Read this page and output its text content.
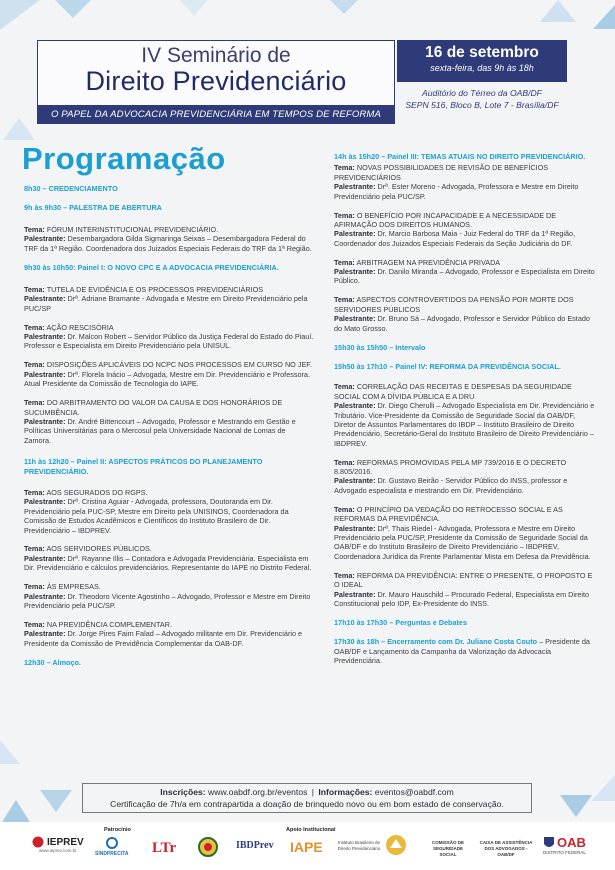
IV Seminário de
Direito Previdenciário
O PAPEL DA ADVOCACIA PREVIDENCIÁRIA EM TEMPOS DE REFORMA
16 de setembro
sexta-feira, das 9h às 18h
Auditório do Térreo da OAB/DF
SEPN 516, Bloco B, Lote 7 - Brasília/DF
Programação
8h30 – CREDENCIAMENTO
9h às 9h30 – PALESTRA DE ABERTURA
Tema: FÓRUM INTERINSTITUCIONAL PREVIDENCIÁRIO.
Palestrante: Desembargadora Gilda Sigmaringa Seixas – Desembargadora Federal do TRF da 1ª Região. Coordenadora dos Juizados Especiais Federais do TRF da 1ª Região.
9h30 às 10h50: Painel I: O NOVO CPC E A ADVOCACIA PREVIDENCIÁRIA.
Tema: TUTELA DE EVIDÊNCIA E OS PROCESSOS PREVIDENCIÁRIOS
Palestrante: Drª. Adriane Bramante - Advogada e Mestre em Direito Previdenciário pela PUC/SP
Tema: AÇÃO RESCISÓRIA
Palestrante: Dr. Malcon Robert – Servidor Público da Justiça Federal do Estado do Piauí. Professor e Especialista em Direito Previdenciário pela UNISUL.
Tema: DISPOSIÇÕES APLICÁVEIS DO NCPC NOS PROCESSOS EM CURSO NO JEF.
Palestrante: Drª. Florela Inácio – Advogada, Mestre em Dir. Previdenciário e Professora. Atual Presidente da Comissão de Tecnologia do IAPE.
Tema: DO ARBITRAMENTO DO VALOR DA CAUSA E DOS HONORÁRIOS DE SUCUMBÊNCIA.
Palestrante: Dr. André Bittencourt – Advogado, Professor e Mestrando em Gestão e Políticas Universitárias para o Mercosul pela Universidade Nacional de Lomas de Zamora.
11h às 12h20 – Painel II: ASPECTOS PRÁTICOS DO PLANEJAMENTO PREVIDENCIÁRIO.
Tema: AOS SEGURADOS DO RGPS.
Palestrante: Drª. Cristina Aguiar - Advogada, professora, Doutoranda em Dir. Previdenciário pela PUC-SP, Mestre em Direito pela UNISINOS, Coordenadora da Comissão de Estudos Acadêmicos e Científicos do Instituto Brasileiro de Dir. Previdenciário – IBDPREV.
Tema: AOS SERVIDORES PÚBLICOS.
Palestrante: Drª. Rayanne Illis – Contadora e Advogada Previdenciária. Especialista em Dir. Previdenciário e cálculos previdenciários. Representante do IAPE no Distrito Federal.
Tema: ÀS EMPRESAS.
Palestrante: Dr. Theodoro Vicente Agostinho – Advogado, Professor e Mestre em Direito Previdenciário pela PUC/SP.
Tema: NA PREVIDÊNCIA COMPLEMENTAR.
Palestrante: Dr. Jorge Pires Faim Falad – Advogado militante em Dir. Previdenciário e Presidente da Comissão de Previdência Complementar da OAB-DF.
12h30 – Almoço.
14h às 15h20 – Painel III: TEMAS ATUAIS NO DIREITO PREVIDENCIÁRIO.
Tema: NOVAS POSSIBILIDADES DE REVISÃO DE BENEFÍCIOS PREVIDENCIÁRIOS
Palestrante: Drª. Ester Moreno - Advogada, Professora e Mestre em Direito Previdenciário pela PUC/SP.
Tema: O BENEFÍCIO POR INCAPACIDADE E A NECESSIDADE DE AFIRMAÇÃO DOS DIREITOS HUMANOS.
Palestrante: Dr. Marcio Barbosa Maia - Juiz Federal do TRF da 1ª Região, Coordenador dos Juizados Especiais Federais da Seção Judiciária do DF.
Tema: ARBITRAGEM NA PREVIDÊNCIA PRIVADA
Palestrante: Dr. Danilo Miranda – Advogado, Professor e Especialista em Direito Público.
Tema: ASPECTOS CONTROVERTIDOS DA PENSÃO POR MORTE DOS SERVIDORES PÚBLICOS
Palestrante: Dr. Bruno Sá – Advogado, Professor e Servidor Público do Estado do Mato Grosso.
15h30 às 15h50 – Intervalo
15h50 às 17h10 – Painel IV: REFORMA DA PREVIDÊNCIA SOCIAL.
Tema: CORRELAÇÃO DAS RECEITAS E DESPESAS DA SEGURIDADE SOCIAL COM A DÍVIDA PÚBLICA E A DRU
Palestrante: Dr. Diego Cherulli – Advogado Especialista em Dir. Previdenciário e Tributário. Vice-Presidente da Comissão de Seguridade Social da OAB/DF, Diretor de Assuntos Parlamentares do IBDP – Instituto Brasileiro de Direito Previdenciário, Secretário-Geral do Instituto Brasileiro de Direito Previdenciário – IBDPREV.
Tema: REFORMAS PROMOVIDAS PELA MP 739/2016 E O DECRETO 8.805/2016.
Palestrante: Dr. Gustavo Beirão - Servidor Público do INSS, professor e Advogado especialista e mestrando em Dir. Previdenciário.
Tema: O PRINCÍPIO DA VEDAÇÃO DO RETROCESSO SOCIAL E AS REFORMAS DA PREVIDÊNCIA.
Palestrante: Drª. Thais Riedel - Advogada, Professora e Mestre em Direito Previdenciário pela PUC/SP, Presidente da Comissão de Seguridade Social da OAB/DF e do Instituto Brasileiro de Direito Previdenciário – IBDPREV, Coordenadora Jurídica da Frente Parlamentar Mista em Defesa da Previdência.
Tema: REFORMA DA PREVIDÊNCIA: ENTRE O PRESENTE, O PROPOSTO E O IDEAL
Palestrante: Dr. Mauro Hauschild – Procurado Federal, Especialista em Direito Constitucional pelo IDP, Ex-Presidente do INSS.
17h10 às 17h30 – Perguntas e Debates
17h30 às 18h – Encerramento com Dr. Juliano Costa Couto – Presidente da OAB/DF e Lançamento da Campanha da Valorização da Advocacia Previdenciária.
Inscrições: www.oabdf.org.br/eventos | Informações: eventos@oabdf.com
Certificação de 7h/a em contrapartida a doação de brinquedo novo ou em bom estado de conservação.
IEPREV
www.ieprev.com.br
Patrocínio
SINDPRECITA LTr
Apoio Institucional
IBDPrev IAPE	Instituto Brasileiro de Direito Previdenciário
COMISSÃO DE SEGURIDADE SOCIAL
CAIXA DE ASSISTÊNCIA DOS ADVOGADOS - OAB/DF
OAB
DISTRITO FEDERAL
